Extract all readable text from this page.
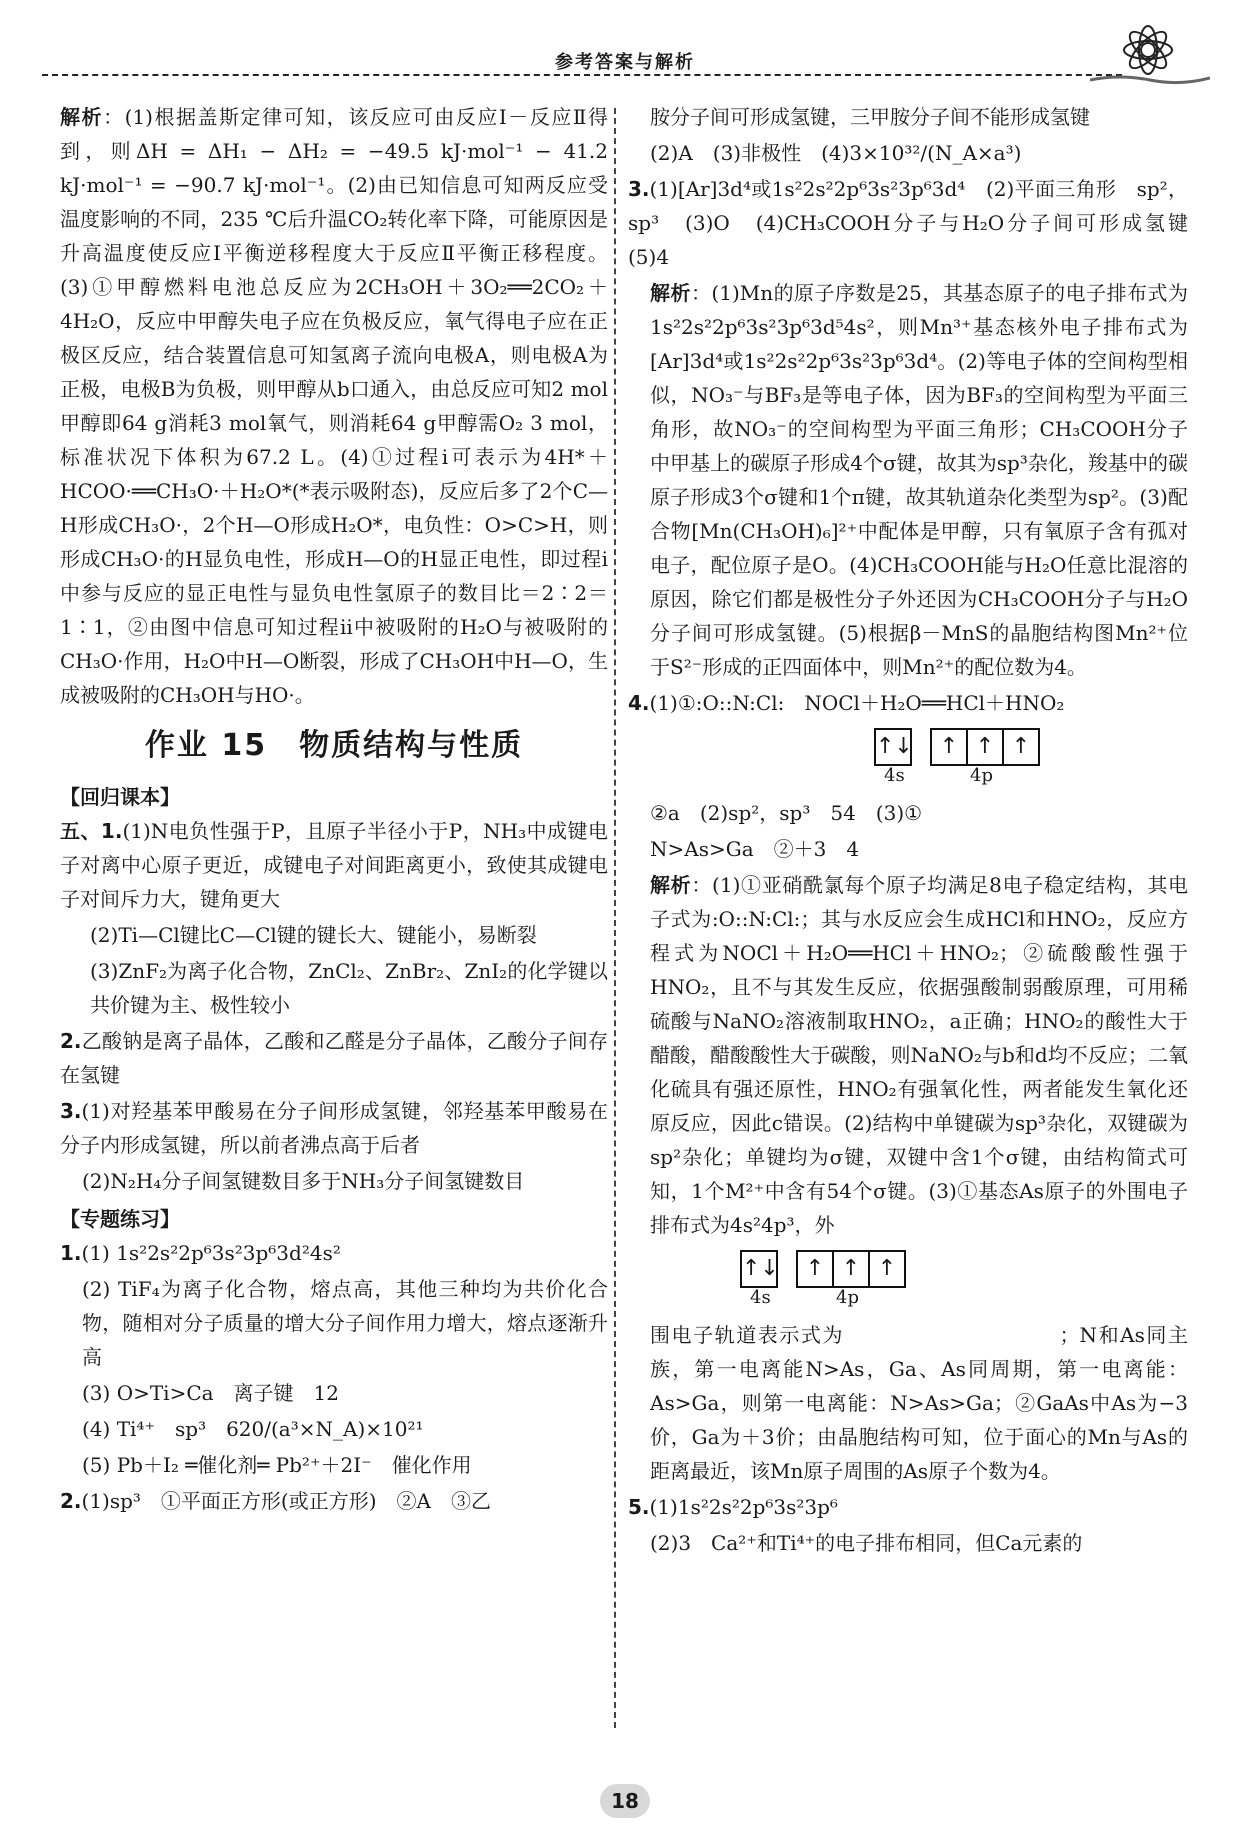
参考答案与解析
解析：(1)根据盖斯定律可知，该反应可由反应Ⅰ－反应Ⅱ得到，则ΔH = ΔH₁ − ΔH₂ = −49.5 kJ·mol⁻¹ − 41.2 kJ·mol⁻¹ = −90.7 kJ·mol⁻¹。(2)由已知信息可知两反应受温度影响的不同，235 ℃后升温CO₂转化率下降，可能原因是升高温度使反应Ⅰ平衡逆移程度大于反应Ⅱ平衡正移程度。(3)①甲醇燃料电池总反应为2CH₃OH＋3O₂══2CO₂＋4H₂O，反应中甲醇失电子应在负极反应，氧气得电子应在正极区反应，结合装置信息可知氢离子流向电极A，则电极A为正极，电极B为负极，则甲醇从b口通入，由总反应可知2 mol甲醇即64 g消耗3 mol氧气，则消耗64 g甲醇需O₂ 3 mol，标准状况下体积为67.2 L。(4)①过程i可表示为4H*＋HCOO·══CH₃O·＋H₂O*(*表示吸附态)，反应后多了2个C—H形成CH₃O·，2个H—O形成H₂O*，电负性：O>C>H，则形成CH₃O·的H显负电性，形成H—O的H显正电性，即过程i中参与反应的显正电性与显负电性氢原子的数目比＝2∶2＝1∶1，②由图中信息可知过程ii中被吸附的H₂O与被吸附的CH₃O·作用，H₂O中H—O断裂，形成了CH₃OH中H—O，生成被吸附的CH₃OH与HO·。
作业 15　物质结构与性质
【回归课本】
五、1.(1)N电负性强于P，且原子半径小于P，NH₃中成键电子对离中心原子更近，成键电子对间距离更小，致使其成键电子对间斥力大，键角更大
(2)Ti—Cl键比C—Cl键的键长大、键能小，易断裂
(3)ZnF₂为离子化合物，ZnCl₂、ZnBr₂、ZnI₂的化学键以共价键为主、极性较小
2.乙酸钠是离子晶体，乙酸和乙醛是分子晶体，乙酸分子间存在氢键
3.(1)对羟基苯甲酸易在分子间形成氢键，邻羟基苯甲酸易在分子内形成氢键，所以前者沸点高于后者
(2)N₂H₄分子间氢键数目多于NH₃分子间氢键数目
【专题练习】
1.(1) 1s²2s²2p⁶3s²3p⁶3d²4s²
(2) TiF₄为离子化合物，熔点高，其他三种均为共价化合物，随相对分子质量的增大分子间作用力增大，熔点逐渐升高
(3) O>Ti>Ca　离子键　12
(4) Ti⁴⁺　sp³　620/(a³×N_A)×10²¹
(5) Pb＋I₂ ═催化剂═ Pb²⁺＋2I⁻　催化作用
2.(1)sp³　①平面正方形(或正方形)　②A　③乙
胺分子间可形成氢键，三甲胺分子间不能形成氢键
(2)A　(3)非极性　(4)3×10³²/(N_A×a³)
3.(1)[Ar]3d⁴或1s²2s²2p⁶3s²3p⁶3d⁴　(2)平面三角形　sp²，sp³　(3)O　(4)CH₃COOH分子与H₂O分子间可形成氢键　(5)4
解析：(1)Mn的原子序数是25，其基态原子的电子排布式为1s²2s²2p⁶3s²3p⁶3d⁵4s²，则Mn³⁺基态核外电子排布式为[Ar]3d⁴或1s²2s²2p⁶3s²3p⁶3d⁴。(2)等电子体的空间构型相似，NO₃⁻与BF₃是等电子体，因为BF₃的空间构型为平面三角形，故NO₃⁻的空间构型为平面三角形；CH₃COOH分子中甲基上的碳原子形成4个σ键，故其为sp³杂化，羧基中的碳原子形成3个σ键和1个π键，故其轨道杂化类型为sp²。(3)配合物[Mn(CH₃OH)₆]²⁺中配体是甲醇，只有氧原子含有孤对电子，配位原子是O。(4)CH₃COOH能与H₂O任意比混溶的原因，除它们都是极性分子外还因为CH₃COOH分子与H₂O分子间可形成氢键。(5)根据β－MnS的晶胞结构图Mn²⁺位于S²⁻形成的正四面体中，则Mn²⁺的配位数为4。
4.(1)①:O::N:Cl:　NOCl＋H₂O══HCl＋HNO₂
↑↓	↑ ↑ ↑
4s	4p
②a　(2)sp²，sp³　54　(3)①
N>As>Ga　②＋3　4
解析：(1)①亚硝酰氯每个原子均满足8电子稳定结构，其电子式为:O::N:Cl:；其与水反应会生成HCl和HNO₂，反应方程式为NOCl＋H₂O══HCl＋HNO₂；②硫酸酸性强于HNO₂，且不与其发生反应，依据强酸制弱酸原理，可用稀硫酸与NaNO₂溶液制取HNO₂，a正确；HNO₂的酸性大于醋酸，醋酸酸性大于碳酸，则NaNO₂与b和d均不反应；二氧化硫具有强还原性，HNO₂有强氧化性，两者能发生氧化还原反应，因此c错误。(2)结构中单键碳为sp³杂化，双键碳为sp²杂化；单键均为σ键，双键中含1个σ键，由结构简式可知，1个M²⁺中含有54个σ键。(3)①基态As原子的外围电子排布式为4s²4p³，外
↑↓	↑ ↑ ↑
4s	4p
围电子轨道表示式为　　　　　　　　　　；N和As同主族，第一电离能N>As，Ga、As同周期，第一电离能：As>Ga，则第一电离能：N>As>Ga；②GaAs中As为−3价，Ga为＋3价；由晶胞结构可知，位于面心的Mn与As的距离最近，该Mn原子周围的As原子个数为4。
5.(1)1s²2s²2p⁶3s²3p⁶
(2)3　Ca²⁺和Ti⁴⁺的电子排布相同，但Ca元素的
18
